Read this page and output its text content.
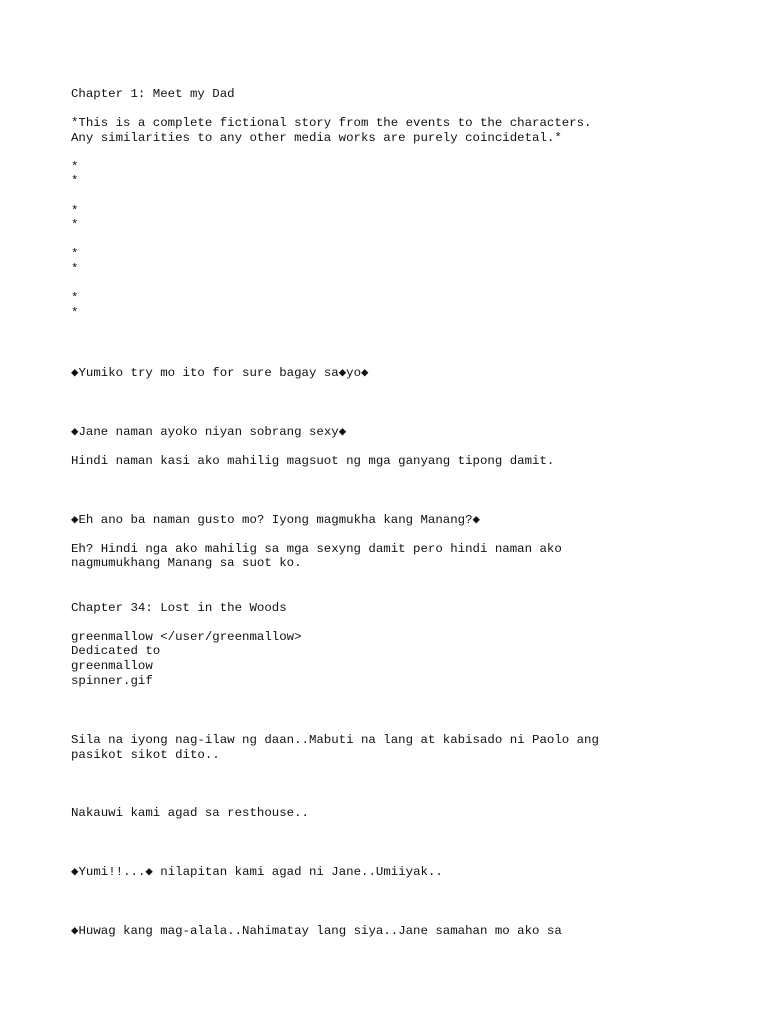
Chapter 1: Meet my Dad
*This is a complete fictional story from the events to the characters.
Any similarities to any other media works are purely coincidetal.*
*
*
*
*
*
*
*
*
◆Yumiko try mo ito for sure bagay sa◆yo◆
◆Jane naman ayoko niyan sobrang sexy◆
Hindi naman kasi ako mahilig magsuot ng mga ganyang tipong damit.
◆Eh ano ba naman gusto mo? Iyong magmukha kang Manang?◆
Eh? Hindi nga ako mahilig sa mga sexyng damit pero hindi naman ako
nagmumukhang Manang sa suot ko.
Chapter 34: Lost in the Woods
greenmallow </user/greenmallow>
Dedicated to
greenmallow
spinner.gif
Sila na iyong nag-ilaw ng daan..Mabuti na lang at kabisado ni Paolo ang
pasikot sikot dito..
Nakauwi kami agad sa resthouse..
◆Yumi!!...◆ nilapitan kami agad ni Jane..Umiiyak..
◆Huwag kang mag-alala..Nahimatay lang siya..Jane samahan mo ako sa
